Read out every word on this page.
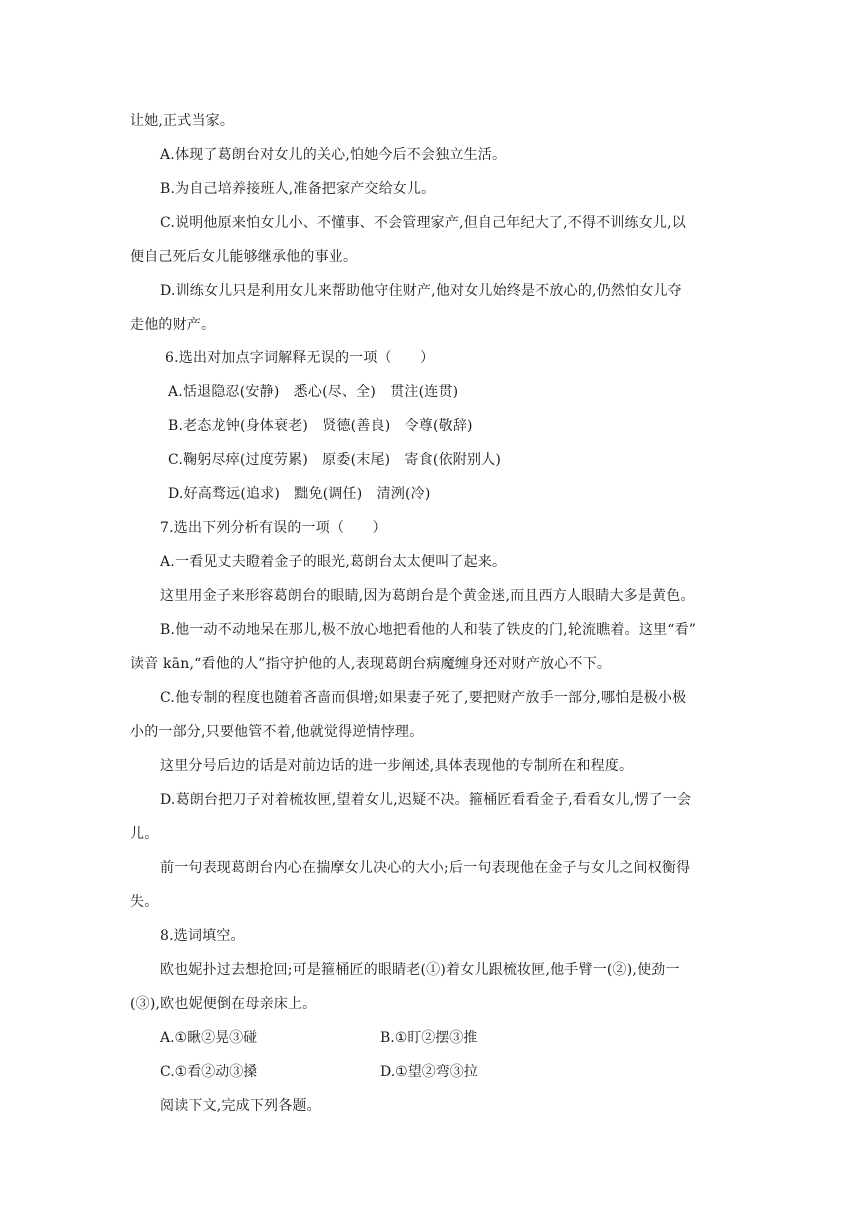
让她,正式当家。

A.体现了葛朗台对女儿的关心,怕她今后不会独立生活。

B.为自己培养接班人,准备把家产交给女儿。

C.说明他原来怕女儿小、不懂事、不会管理家产,但自己年纪大了,不得不训练女儿,以

便自己死后女儿能够继承他的事业。

D.训练女儿只是利用女儿来帮助他守住财产,他对女儿始终是不放心的,仍然怕女儿夺

走他的财产。

6.选出对加点字词解释无误的一项（　　）

A.恬退隐忍(安静)　悉心(尽、全)　贯注(连贯)

B.老态龙钟(身体衰老)　贤德(善良)　令尊(敬辞)

C.鞠躬尽瘁(过度劳累)　原委(末尾)　寄食(依附别人)

D.好高骛远(追求)　黜免(调任)　清洌(冷)

7.选出下列分析有误的一项（　　）

A.一看见丈夫瞪着金子的眼光,葛朗台太太便叫了起来。

这里用金子来形容葛朗台的眼睛,因为葛朗台是个黄金迷,而且西方人眼睛大多是黄色。

B.他一动不动地呆在那儿,极不放心地把看他的人和装了铁皮的门,轮流瞧着。这里“看”

读音 kān,“看他的人”指守护他的人,表现葛朗台病魔缠身还对财产放心不下。

C.他专制的程度也随着吝啬而俱增;如果妻子死了,要把财产放手一部分,哪怕是极小极

小的一部分,只要他管不着,他就觉得逆情悖理。

这里分号后边的话是对前边话的进一步阐述,具体表现他的专制所在和程度。

D.葛朗台把刀子对着梳妆匣,望着女儿,迟疑不决。箍桶匠看看金子,看看女儿,愣了一会

儿。

前一句表现葛朗台内心在揣摩女儿决心的大小;后一句表现他在金子与女儿之间权衡得

失。

8.选词填空。

欧也妮扑过去想抢回;可是箍桶匠的眼睛老(①)着女儿跟梳妆匣,他手臂一(②),使劲一

(③),欧也妮便倒在母亲床上。

A.①瞅②晃③碰	B.①盯②摆③推
C.①看②动③搡	D.①望②弯③拉

阅读下文,完成下列各题。
